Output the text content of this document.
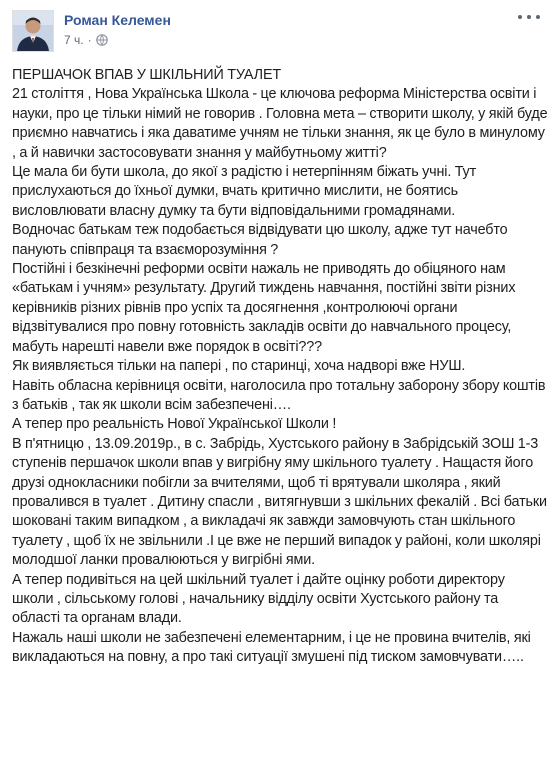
Роман Келемен
7 ч. ·

ПЕРШАЧОК ВПАВ У ШКІЛЬНИЙ ТУАЛЕТ

21 століття , Нова Українська Школа - це ключова реформа Міністерства освіти і науки, про це тільки німий не говорив . Головна мета – створити школу, у якій буде приємно навчатись і яка даватиме учням не тільки знання, як це було в минулому , а й навички застосовувати знання у майбутньому житті?

Це мала би бути школа, до якої з радістю і нетерпінням біжать учні. Тут прислухаються до їхньої думки, вчать критично мислити, не боятись висловлювати власну думку та бути відповідальними громадянами.

Водночас батькам теж подобається відвідувати цю школу, адже тут начебто панують співпраця та взаєморозуміння ?

Постійні і безкінечні реформи освіти нажаль не приводять до обіцяного нам «батькам і учням» результату. Другий тиждень навчання, постійні звіти різних керівників різних рівнів про успіх та досягнення ,контролюючі органи відзвітувалися про повну готовність закладів освіти до навчального процесу, мабуть нарешті навели вже порядок в освіті???

Як виявляється тільки на папері , по старинці, хоча надворі вже НУШ.

Навіть обласна керівниця освіти, наголосила про тотальну заборону збору коштів з батьків , так як школи всім забезпечені….

А тепер про реальність Нової Української Школи !

В п'ятницю , 13.09.2019р., в с. Забрідь, Хустського району в Забрідській ЗОШ 1-3 ступенів першачок школи впав у вигрібну яму шкільного туалету . Нащастя його друзі однокласники побігли за вчителями, щоб ті врятували школяра , який провалився в туалет . Дитину спасли , витягнувши з шкільних фекалій . Всі батьки шоковані таким випадком , а викладачі як завжди замовчують стан шкільного туалету , щоб їх не звільнили .І це вже не перший випадок у районі, коли школярі молодшої ланки провалюються у вигрібні ями.

А тепер подивіться на цей шкільний туалет і дайте оцінку роботи директору школи , сільському голові , начальнику відділу освіти Хустського району та області та органам влади.

Нажаль наші школи не забезпечені елементарним, і це не провина вчителів, які викладаються на повну, а про такі ситуації змушені під тиском замовчувати…..
